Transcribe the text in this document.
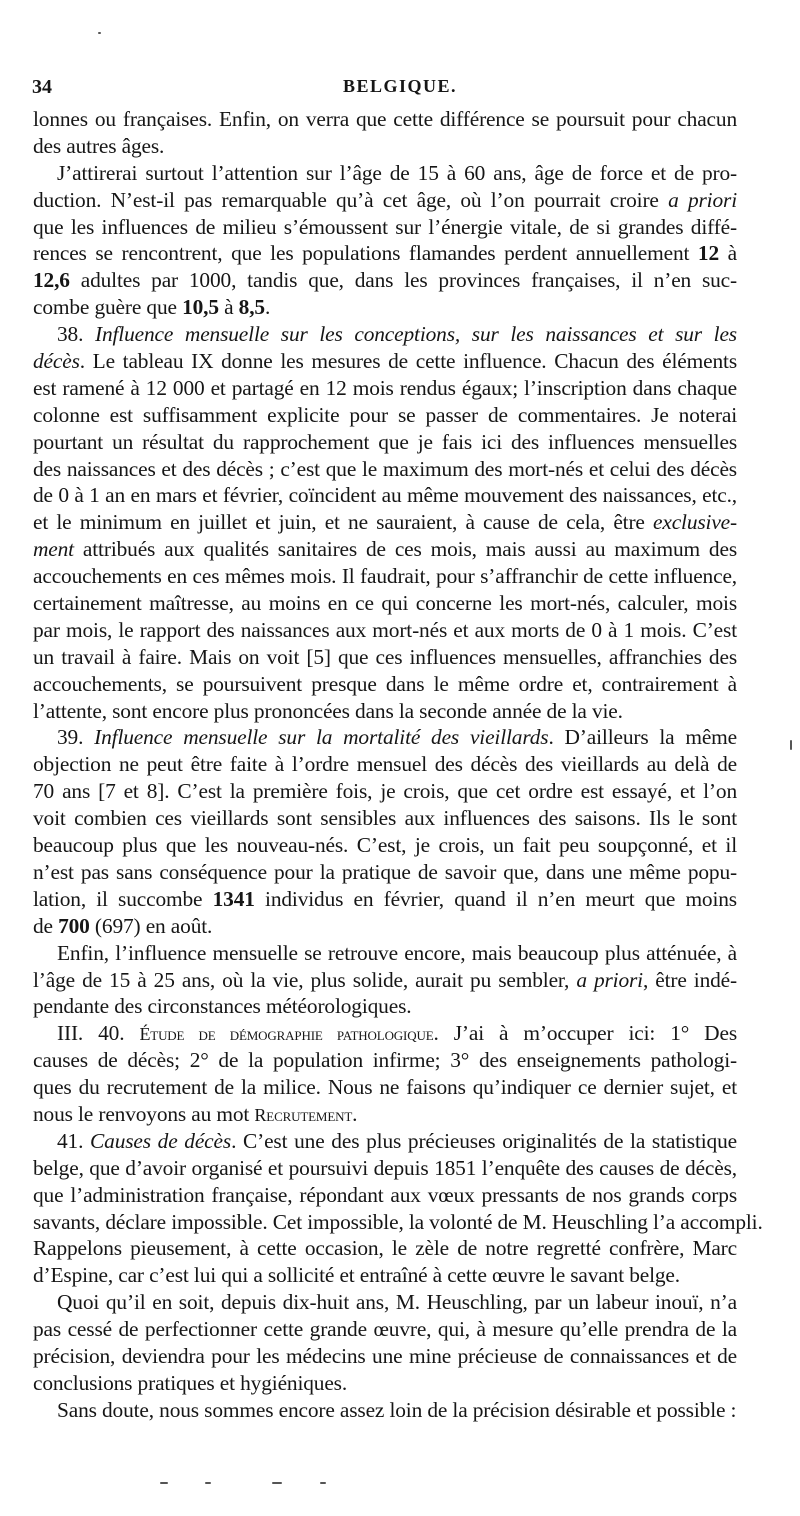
34	BELGIQUE.
lonnes ou françaises. Enfin, on verra que cette différence se poursuit pour chacun
des autres âges.
J’attirerai surtout l’attention sur l’âge de 15 à 60 ans, âge de force et de pro-
duction. N’est-il pas remarquable qu’à cet âge, où l’on pourrait croire a priori
que les influences de milieu s’émoussent sur l’énergie vitale, de si grandes diffé-
rences se rencontrent, que les populations flamandes perdent annuellement 12 à
12,6 adultes par 1000, tandis que, dans les provinces françaises, il n’en suc-
combe guère que 10,5 à 8,5.
38. Influence mensuelle sur les conceptions, sur les naissances et sur les
décès. Le tableau IX donne les mesures de cette influence. Chacun des éléments
est ramené à 12 000 et partagé en 12 mois rendus égaux; l’inscription dans chaque
colonne est suffisamment explicite pour se passer de commentaires. Je noterai
pourtant un résultat du rapprochement que je fais ici des influences mensuelles
des naissances et des décès ; c’est que le maximum des mort-nés et celui des décès
de 0 à 1 an en mars et février, coïncident au même mouvement des naissances, etc.,
et le minimum en juillet et juin, et ne sauraient, à cause de cela, être exclusive-
ment attribués aux qualités sanitaires de ces mois, mais aussi au maximum des
accouchements en ces mêmes mois. Il faudrait, pour s’affranchir de cette influence,
certainement maîtresse, au moins en ce qui concerne les mort-nés, calculer, mois
par mois, le rapport des naissances aux mort-nés et aux morts de 0 à 1 mois. C’est
un travail à faire. Mais on voit [5] que ces influences mensuelles, affranchies des
accouchements, se poursuivent presque dans le même ordre et, contrairement à
l’attente, sont encore plus prononcées dans la seconde année de la vie.
39. Influence mensuelle sur la mortalité des vieillards. D’ailleurs la même
objection ne peut être faite à l’ordre mensuel des décès des vieillards au delà de
70 ans [7 et 8]. C’est la première fois, je crois, que cet ordre est essayé, et l’on
voit combien ces vieillards sont sensibles aux influences des saisons. Ils le sont
beaucoup plus que les nouveau-nés. C’est, je crois, un fait peu soupçonné, et il
n’est pas sans conséquence pour la pratique de savoir que, dans une même popu-
lation, il succombe 1341 individus en février, quand il n’en meurt que moins
de 700 (697) en août.
Enfin, l’influence mensuelle se retrouve encore, mais beaucoup plus atténuée, à
l’âge de 15 à 25 ans, où la vie, plus solide, aurait pu sembler, a priori, être indé-
pendante des circonstances météorologiques.
III. 40. Étude de démographie pathologique. J’ai à m’occuper ici: 1° Des
causes de décès; 2° de la population infirme; 3° des enseignements pathologi-
ques du recrutement de la milice. Nous ne faisons qu’indiquer ce dernier sujet, et
nous le renvoyons au mot Recrutement.
41. Causes de décès. C’est une des plus précieuses originalités de la statistique
belge, que d’avoir organisé et poursuivi depuis 1851 l’enquête des causes de décès,
que l’administration française, répondant aux vœux pressants de nos grands corps
savants, déclare impossible. Cet impossible, la volonté de M. Heuschling l’a accompli.
Rappelons pieusement, à cette occasion, le zèle de notre regretté confrère, Marc
d’Espine, car c’est lui qui a sollicité et entraîné à cette œuvre le savant belge.
Quoi qu’il en soit, depuis dix-huit ans, M. Heuschling, par un labeur inouï, n’a
pas cessé de perfectionner cette grande œuvre, qui, à mesure qu’elle prendra de la
précision, deviendra pour les médecins une mine précieuse de connaissances et de
conclusions pratiques et hygiéniques.
Sans doute, nous sommes encore assez loin de la précision désirable et possible :
